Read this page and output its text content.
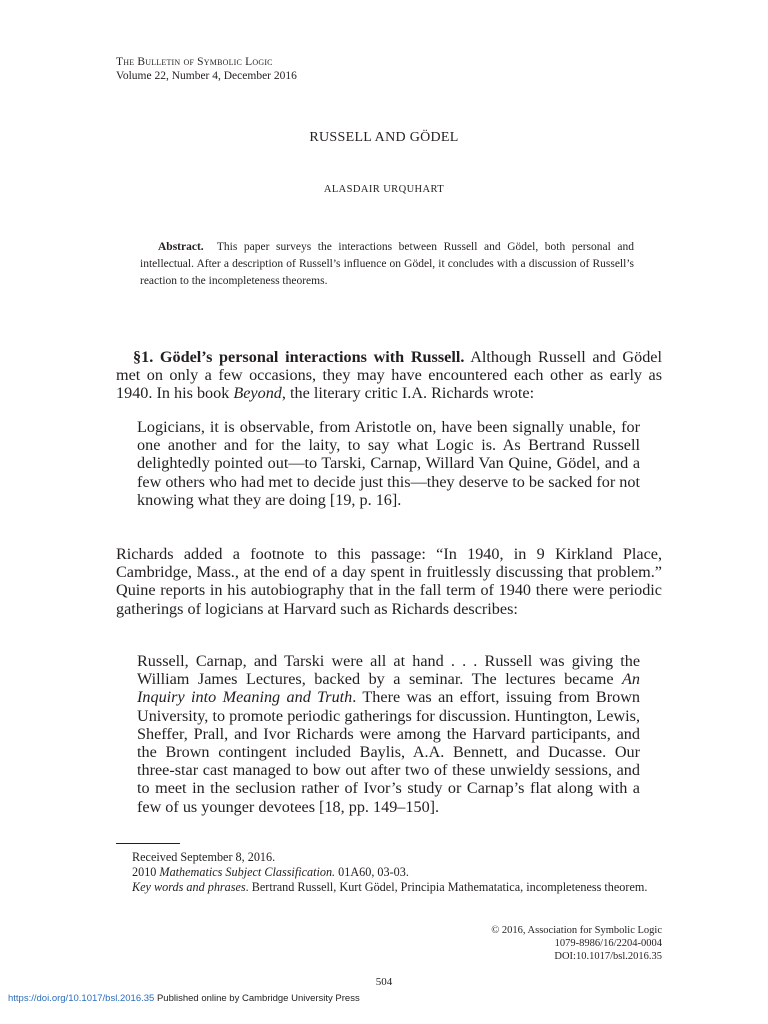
The Bulletin of Symbolic Logic
Volume 22, Number 4, December 2016
RUSSELL AND GÖDEL
ALASDAIR URQUHART
Abstract. This paper surveys the interactions between Russell and Gödel, both personal and intellectual. After a description of Russell’s influence on Gödel, it concludes with a discussion of Russell’s reaction to the incompleteness theorems.

§1. Gödel’s personal interactions with Russell. Although Russell and Gödel met on only a few occasions, they may have encountered each other as early as 1940. In his book Beyond, the literary critic I.A. Richards wrote:

Logicians, it is observable, from Aristotle on, have been signally unable, for one another and for the laity, to say what Logic is. As Bertrand Russell delightedly pointed out—to Tarski, Carnap, Willard Van Quine, Gödel, and a few others who had met to decide just this—they deserve to be sacked for not knowing what they are doing [19, p. 16].

Richards added a footnote to this passage: “In 1940, in 9 Kirkland Place, Cambridge, Mass., at the end of a day spent in fruitlessly discussing that problem.” Quine reports in his autobiography that in the fall term of 1940 there were periodic gatherings of logicians at Harvard such as Richards describes:

Russell, Carnap, and Tarski were all at hand . . . Russell was giving the William James Lectures, backed by a seminar. The lectures became An Inquiry into Meaning and Truth. There was an effort, issuing from Brown University, to promote periodic gatherings for discussion. Huntington, Lewis, Sheffer, Prall, and Ivor Richards were among the Harvard participants, and the Brown contingent included Baylis, A.A. Bennett, and Ducasse. Our three-star cast managed to bow out after two of these unwieldy sessions, and to meet in the seclusion rather of Ivor’s study or Carnap’s flat along with a few of us younger devotees [18, pp. 149–150].

Received September 8, 2016.

2010 Mathematics Subject Classification. 01A60, 03-03.

Key words and phrases. Bertrand Russell, Kurt Gödel, Principia Mathematatica, incompleteness theorem.

© 2016, Association for Symbolic Logic
1079-8986/16/2204-0004
DOI:10.1017/bsl.2016.35
504
https://doi.org/10.1017/bsl.2016.35 Published online by Cambridge University Press
